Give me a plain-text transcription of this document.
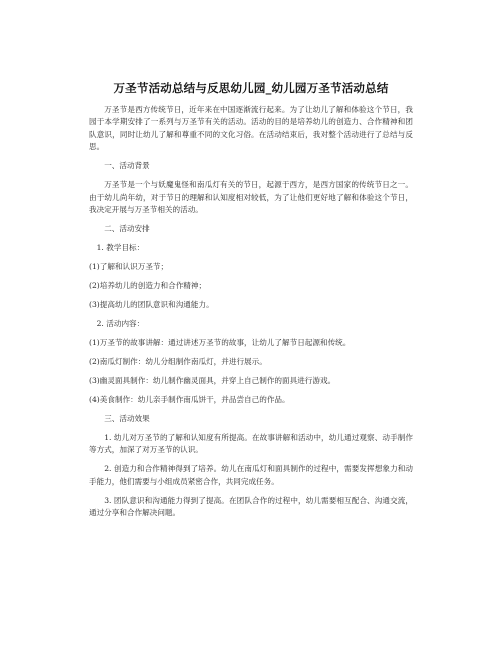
万圣节活动总结与反思幼儿园_幼儿园万圣节活动总结

万圣节是西方传统节日，近年来在中国逐渐流行起来。为了让幼儿了解和体验这个节日，我园于本学期安排了一系列与万圣节有关的活动。活动的目的是培养幼儿的创造力、合作精神和团队意识，同时让幼儿了解和尊重不同的文化习俗。在活动结束后，我对整个活动进行了总结与反思。

一、活动背景

万圣节是一个与妖魔鬼怪和南瓜灯有关的节日，起源于西方，是西方国家的传统节日之一。由于幼儿尚年幼，对于节日的理解和认知度相对较低，为了让他们更好地了解和体验这个节日，我决定开展与万圣节相关的活动。

二、活动安排

1. 教学目标：

(1)了解和认识万圣节；

(2)培养幼儿的创造力和合作精神；

(3)提高幼儿的团队意识和沟通能力。

2. 活动内容：

(1)万圣节的故事讲解：通过讲述万圣节的故事，让幼儿了解节日起源和传统。

(2)南瓜灯制作：幼儿分组制作南瓜灯，并进行展示。

(3)幽灵面具制作：幼儿制作幽灵面具，并穿上自己制作的面具进行游戏。

(4)美食制作：幼儿亲手制作南瓜饼干，并品尝自己的作品。

三、活动效果

1. 幼儿对万圣节的了解和认知度有所提高。在故事讲解和活动中，幼儿通过观察、动手制作等方式，加深了对万圣节的认识。

2. 创造力和合作精神得到了培养。幼儿在南瓜灯和面具制作的过程中，需要发挥想象力和动手能力，他们需要与小组成员紧密合作，共同完成任务。

3. 团队意识和沟通能力得到了提高。在团队合作的过程中，幼儿需要相互配合、沟通交流，通过分享和合作解决问题。
